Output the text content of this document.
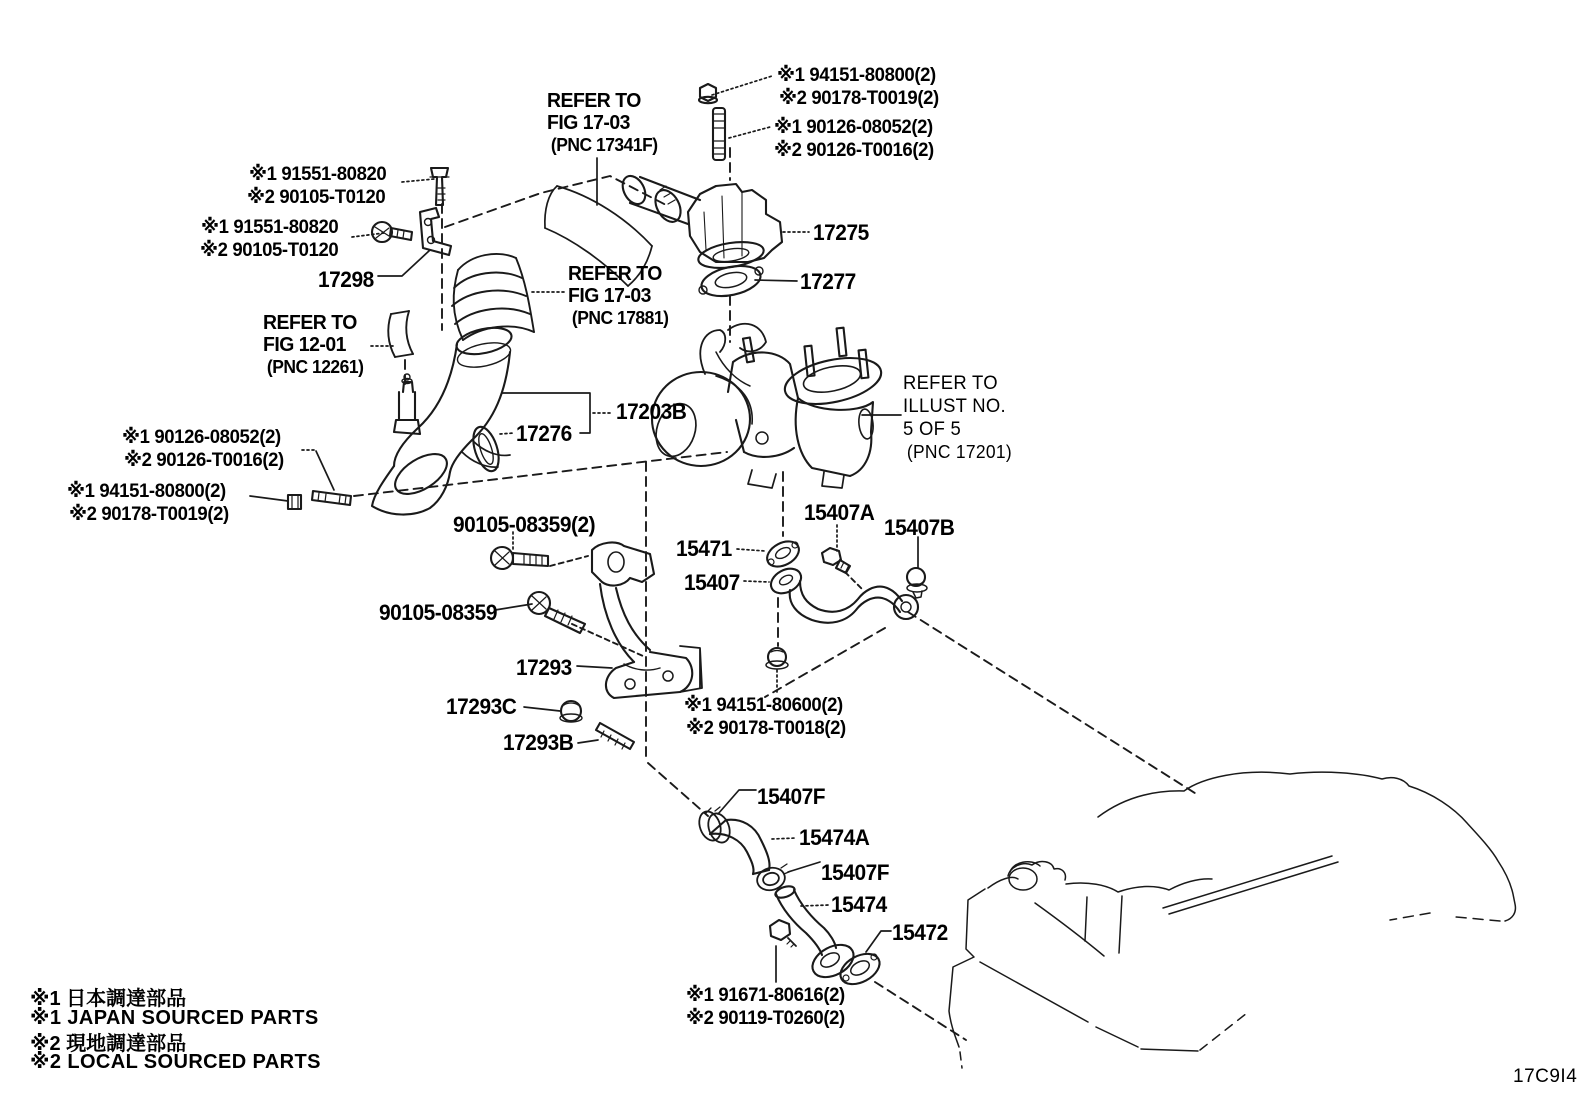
17C9I4
※1 94151-80800(2)
※2 90178-T0019(2)
※1 90126-08052(2)
※2 90126-T0016(2)
※1 91551-80820
※2 90105-T0120
※1 91551-80820
※2 90105-T0120
※1 90126-08052(2)
※2 90126-T0016(2)
※1 94151-80800(2)
※2 90178-T0019(2)
※1 94151-80600(2)
※2 90178-T0018(2)
※1 91671-80616(2)
※2 90119-T0260(2)
17275
17277
17298
17203B
17276
90105-08359(2)	15407A
15407B
15471
15407
90105-08359
17293
17293C
17293B
15407F
15474A
15407F
15474
15472
REFER TO
FIG 17-03
(PNC 17341F)
REFER TO
FIG 17-03
(PNC 17881)
REFER TO
FIG 12-01
(PNC 12261)
REFER TO
ILLUST NO.
5 OF 5
(PNC 17201)
※1 日本調達部品
※1 JAPAN SOURCED PARTS
※2 現地調達部品
※2 LOCAL SOURCED PARTS
